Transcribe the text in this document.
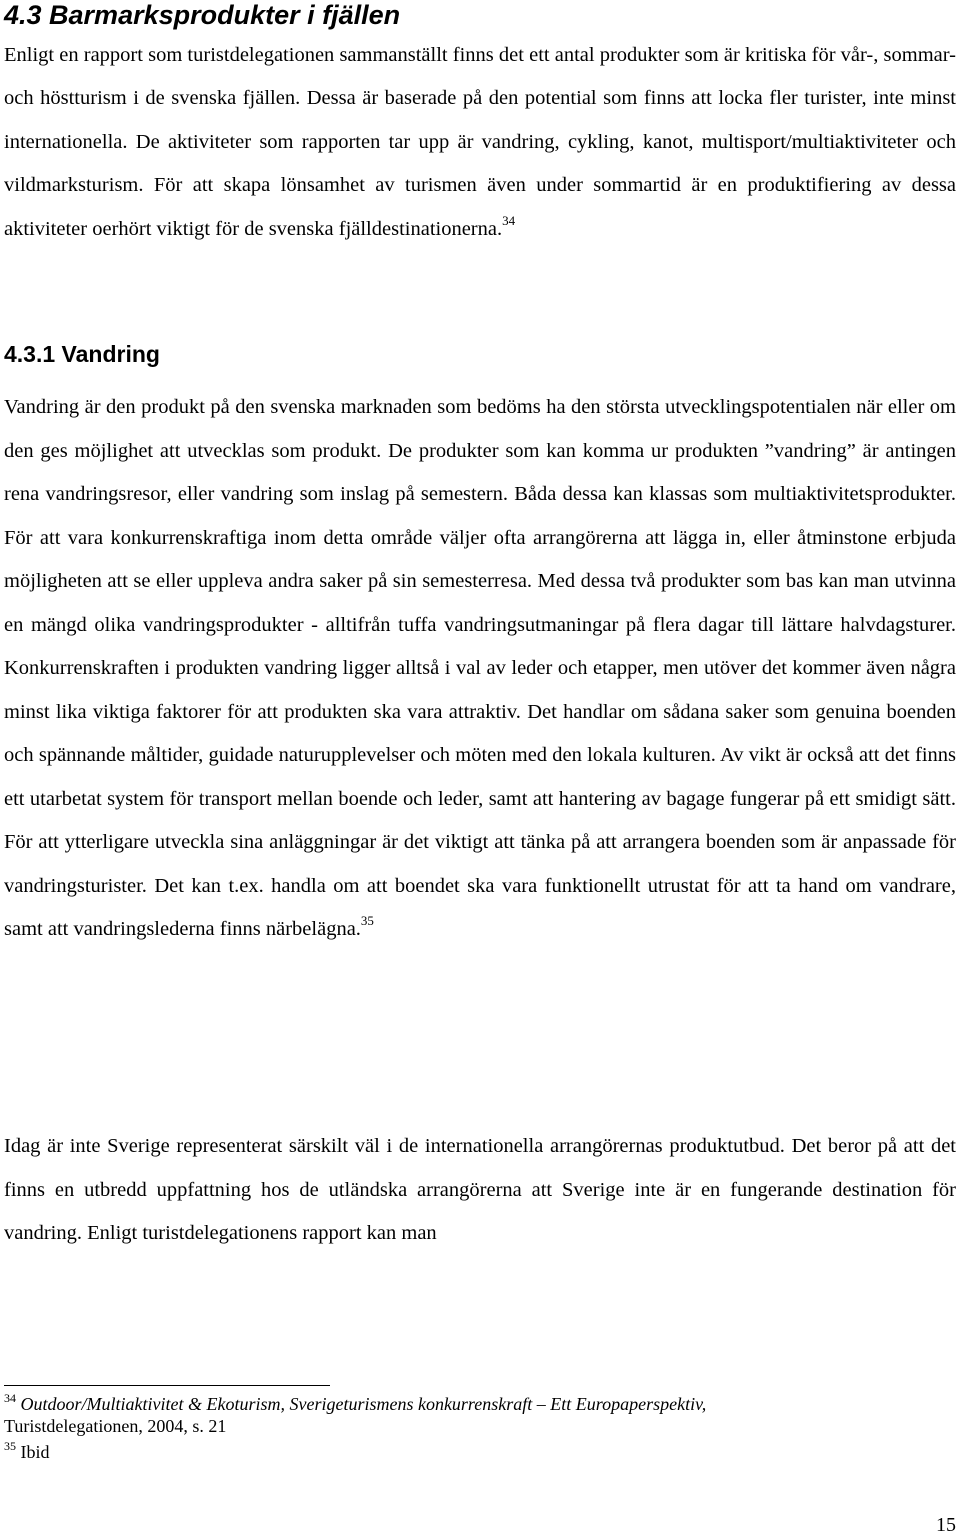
4.3 Barmarksprodukter i fjällen

Enligt en rapport som turistdelegationen sammanställt finns det ett antal produkter som är kritiska för vår-, sommar- och höstturism i de svenska fjällen. Dessa är baserade på den potential som finns att locka fler turister, inte minst internationella. De aktiviteter som rapporten tar upp är vandring, cykling, kanot, multisport/multiaktiviteter och vildmarksturism. För att skapa lönsamhet av turismen även under sommartid är en produktifiering av dessa aktiviteter oerhört viktigt för de svenska fjälldestinationerna.$^{34}$

4.3.1 Vandring

Vandring är den produkt på den svenska marknaden som bedöms ha den största utvecklingspotentialen när eller om den ges möjlighet att utvecklas som produkt. De produkter som kan komma ur produkten ”vandring” är antingen rena vandringsresor, eller vandring som inslag på semestern. Båda dessa kan klassas som multiaktivitetsprodukter. För att vara konkurrenskraftiga inom detta område väljer ofta arrangörerna att lägga in, eller åtminstone erbjuda möjligheten att se eller uppleva andra saker på sin semesterresa. Med dessa två produkter som bas kan man utvinna en mängd olika vandringsprodukter - alltifrån tuffa vandringsutmaningar på flera dagar till lättare halvdagsturer. Konkurrenskraften i produkten vandring ligger alltså i val av leder och etapper, men utöver det kommer även några minst lika viktiga faktorer för att produkten ska vara attraktiv. Det handlar om sådana saker som genuina boenden och spännande måltider, guidade naturupplevelser och möten med den lokala kulturen. Av vikt är också att det finns ett utarbetat system för transport mellan boende och leder, samt att hantering av bagage fungerar på ett smidigt sätt. För att ytterligare utveckla sina anläggningar är det viktigt att tänka på att arrangera boenden som är anpassade för vandringsturister. Det kan t.ex. handla om att boendet ska vara funktionellt utrustat för att ta hand om vandrare, samt att vandringslederna finns närbelägna.$^{35}$

Idag är inte Sverige representerat särskilt väl i de internationella arrangörernas produktutbud. Det beror på att det finns en utbredd uppfattning hos de utländska arrangörerna att Sverige inte är en fungerande destination för vandring. Enligt turistdelegationens rapport kan man

$^{34}$ Outdoor/Multiaktivitet & Ekoturism, Sverigeturismens konkurrenskraft – Ett Europaperspektiv,
Turistdelegationen, 2004, s. 21

$^{35}$ Ibid

15
